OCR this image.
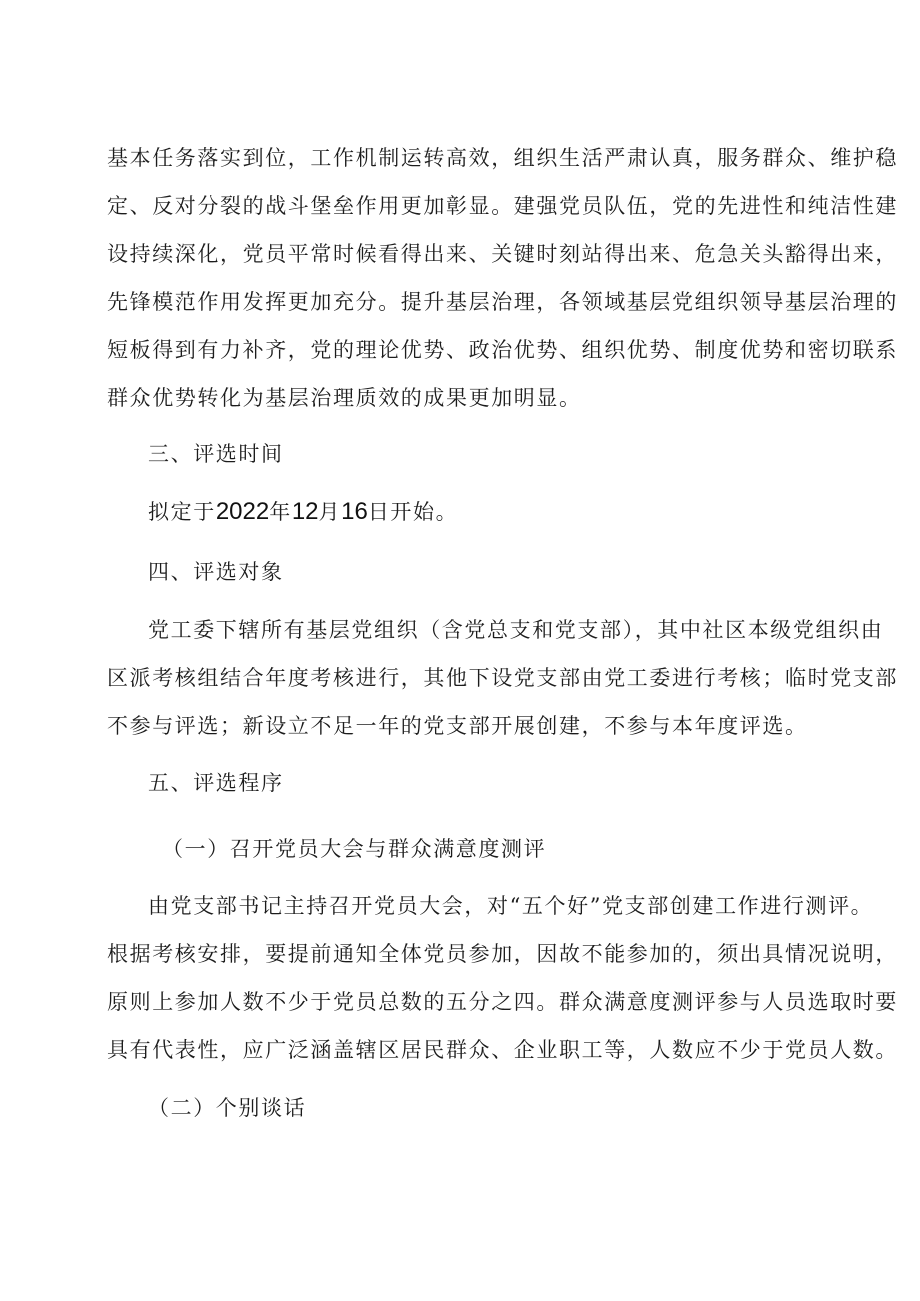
基本任务落实到位，工作机制运转高效，组织生活严肃认真，服务群众、维护稳
定、反对分裂的战斗堡垒作用更加彰显。建强党员队伍，党的先进性和纯洁性建
设持续深化，党员平常时候看得出来、关键时刻站得出来、危急关头豁得出来，
先锋模范作用发挥更加充分。提升基层治理，各领域基层党组织领导基层治理的
短板得到有力补齐，党的理论优势、政治优势、组织优势、制度优势和密切联系
群众优势转化为基层治理质效的成果更加明显。
三、评选时间
拟定于2022年12月16日开始。
四、评选对象
党工委下辖所有基层党组织（含党总支和党支部），其中社区本级党组织由
区派考核组结合年度考核进行，其他下设党支部由党工委进行考核；临时党支部
不参与评选；新设立不足一年的党支部开展创建，不参与本年度评选。
五、评选程序
（一）召开党员大会与群众满意度测评
由党支部书记主持召开党员大会，对“五个好”党支部创建工作进行测评。
根据考核安排，要提前通知全体党员参加，因故不能参加的，须出具情况说明，
原则上参加人数不少于党员总数的五分之四。群众满意度测评参与人员选取时要
具有代表性，应广泛涵盖辖区居民群众、企业职工等，人数应不少于党员人数。
（二）个别谈话
